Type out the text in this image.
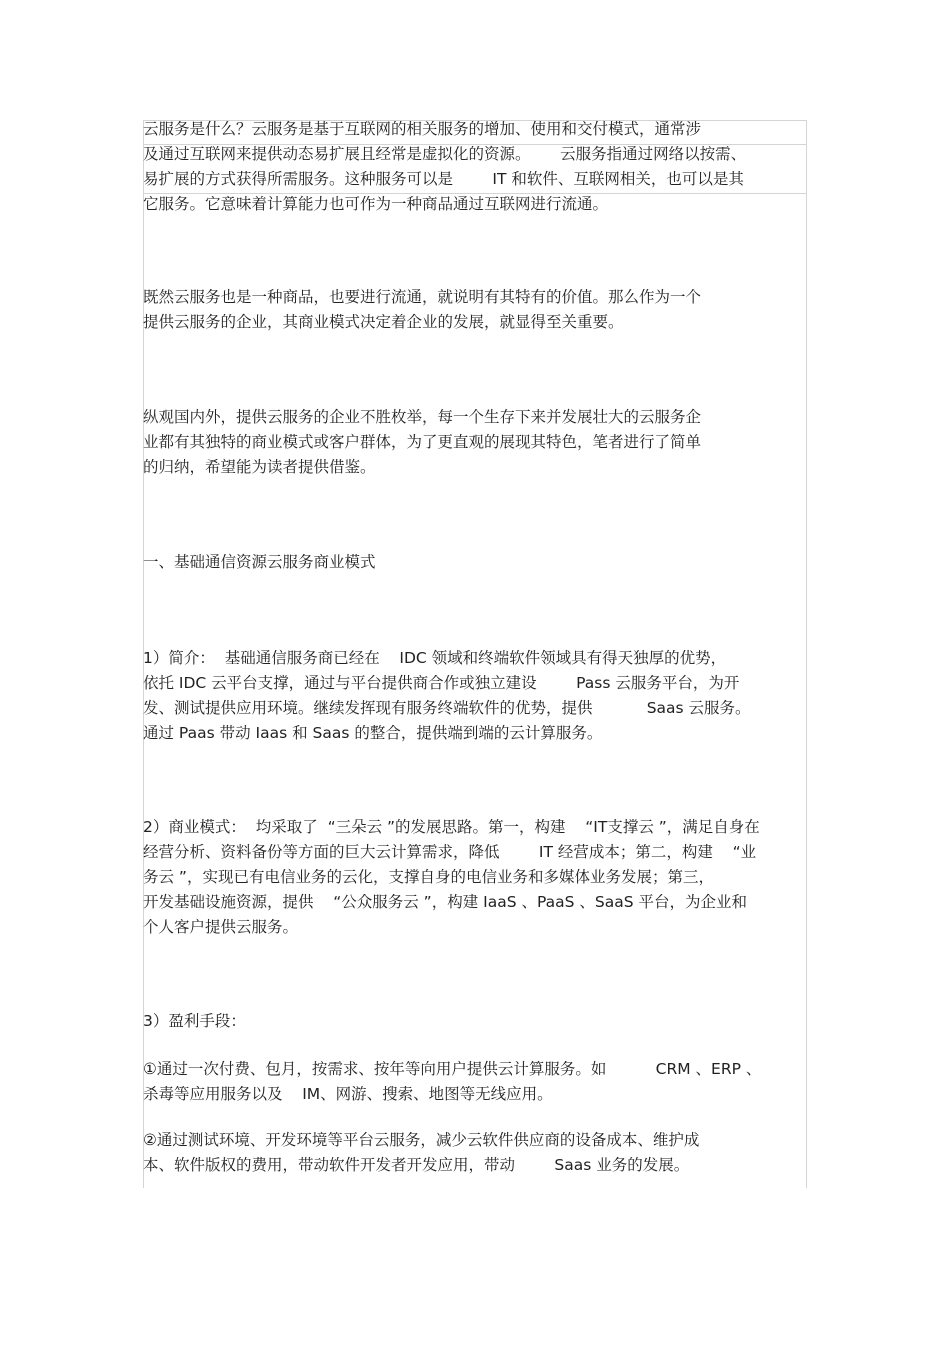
云服务是什么？云服务是基于互联网的相关服务的增加、使用和交付模式，通常涉
及通过互联网来提供动态易扩展且经常是虚拟化的资源。      云服务指通过网络以按需、
易扩展的方式获得所需服务。这种服务可以是        IT 和软件、互联网相关，也可以是其
它服务。它意味着计算能力也可作为一种商品通过互联网进行流通。
既然云服务也是一种商品，也要进行流通，就说明有其特有的价值。那么作为一个
提供云服务的企业，其商业模式决定着企业的发展，就显得至关重要。
纵观国内外，提供云服务的企业不胜枚举，每一个生存下来并发展壮大的云服务企
业都有其独特的商业模式或客户群体，为了更直观的展现其特色，笔者进行了简单
的归纳，希望能为读者提供借鉴。
一、基础通信资源云服务商业模式
1）简介：  基础通信服务商已经在    IDC 领域和终端软件领域具有得天独厚的优势，
依托 IDC 云平台支撑，通过与平台提供商合作或独立建设        Pass 云服务平台，为开
发、测试提供应用环境。继续发挥现有服务终端软件的优势，提供           Saas 云服务。
通过 Paas 带动 Iaas 和 Saas 的整合，提供端到端的云计算服务。
2）商业模式：  均采取了  “三朵云 ”的发展思路。第一，构建    “IT支撑云 ”，满足自身在
经营分析、资料备份等方面的巨大云计算需求，降低        IT 经营成本；第二，构建    “业
务云 ”，实现已有电信业务的云化，支撑自身的电信业务和多媒体业务发展；第三，
开发基础设施资源，提供    “公众服务云 ”，构建 IaaS 、PaaS 、SaaS 平台，为企业和
个人客户提供云服务。
3）盈利手段：
①通过一次付费、包月，按需求、按年等向用户提供云计算服务。如          CRM 、ERP 、
杀毒等应用服务以及    IM、网游、搜索、地图等无线应用。
②通过测试环境、开发环境等平台云服务，减少云软件供应商的设备成本、维护成
本、软件版权的费用，带动软件开发者开发应用，带动        Saas 业务的发展。
